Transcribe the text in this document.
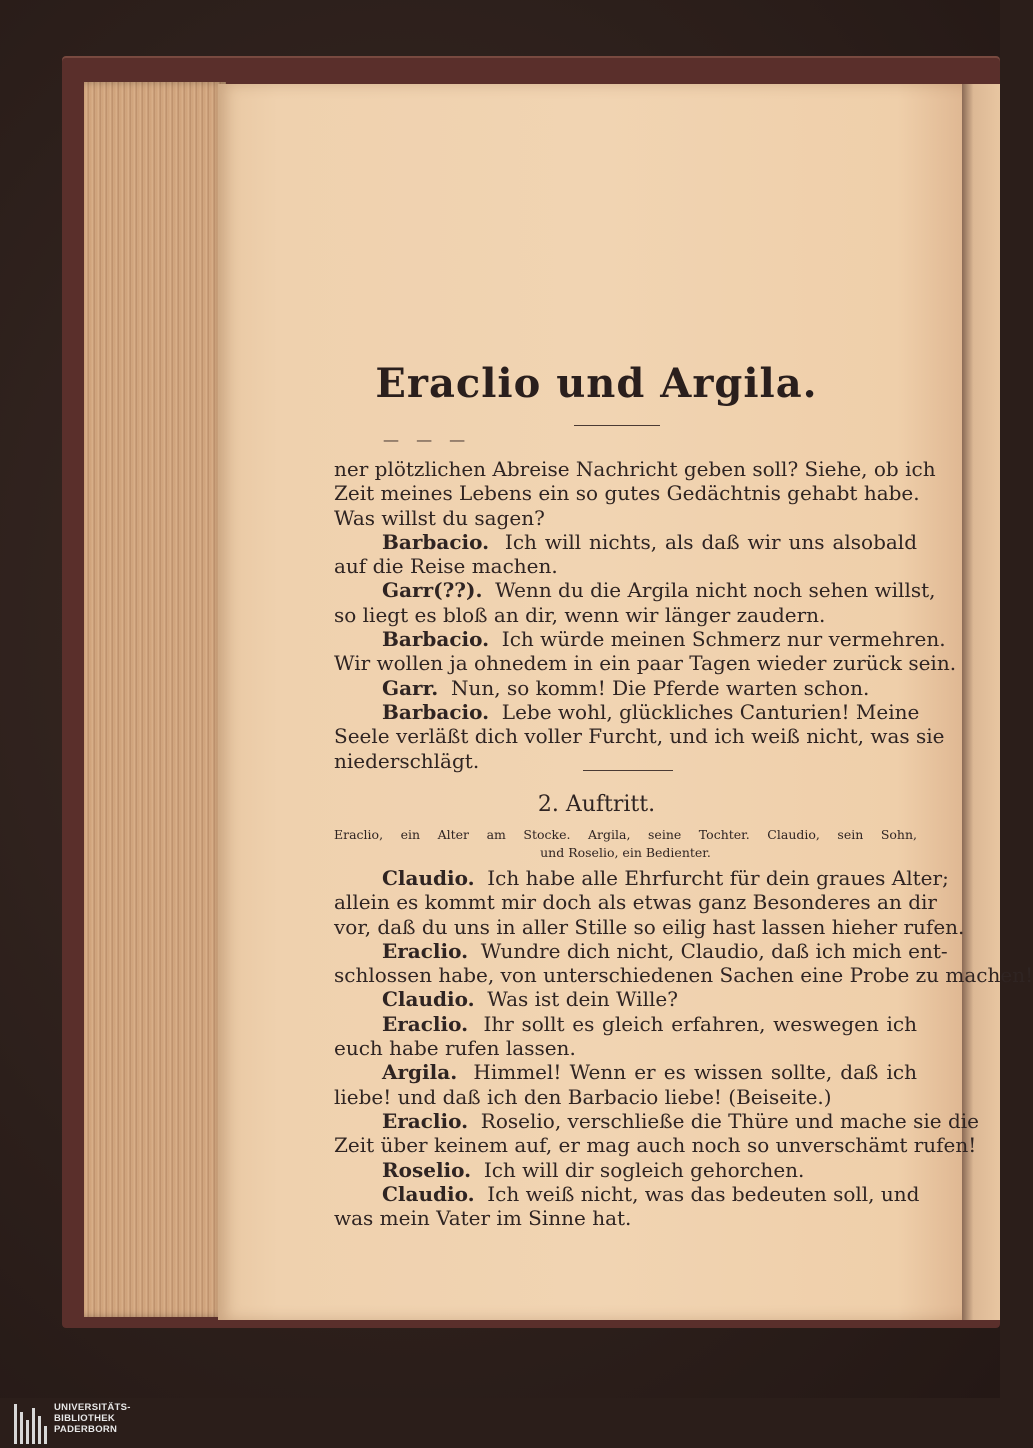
Eraclio und Argila.
— — —
ner plötzlichen Abreise Nachricht geben soll? Siehe, ob ich
Zeit meines Lebens ein so gutes Gedächtnis gehabt habe.
Was willst du sagen?
Barbacio. Ich will nichts, als daß wir uns alsobald
auf die Reise machen.
Garr(??). Wenn du die Argila nicht noch sehen willst,
so liegt es bloß an dir, wenn wir länger zaudern.
Barbacio. Ich würde meinen Schmerz nur vermehren.
Wir wollen ja ohnedem in ein paar Tagen wieder zurück sein.
Garr. Nun, so komm! Die Pferde warten schon.
Barbacio. Lebe wohl, glückliches Canturien! Meine
Seele verläßt dich voller Furcht, und ich weiß nicht, was sie
niederschlägt.
2. Auftritt.
Eraclio, ein Alter am Stocke. Argila, seine Tochter. Claudio, sein Sohn,
und Roselio, ein Bedienter.
Claudio. Ich habe alle Ehrfurcht für dein graues Alter;
allein es kommt mir doch als etwas ganz Besonderes an dir
vor, daß du uns in aller Stille so eilig hast lassen hieher rufen.
Eraclio. Wundre dich nicht, Claudio, daß ich mich ent-
schlossen habe, von unterschiedenen Sachen eine Probe zu machen!
Claudio. Was ist dein Wille?
Eraclio. Ihr sollt es gleich erfahren, weswegen ich
euch habe rufen lassen.
Argila. Himmel! Wenn er es wissen sollte, daß ich
liebe! und daß ich den Barbacio liebe! (Beiseite.)
Eraclio. Roselio, verschließe die Thüre und mache sie die
Zeit über keinem auf, er mag auch noch so unverschämt rufen!
Roselio. Ich will dir sogleich gehorchen.
Claudio. Ich weiß nicht, was das bedeuten soll, und
was mein Vater im Sinne hat.
UNIVERSITÄTS-
BIBLIOTHEK
PADERBORN
